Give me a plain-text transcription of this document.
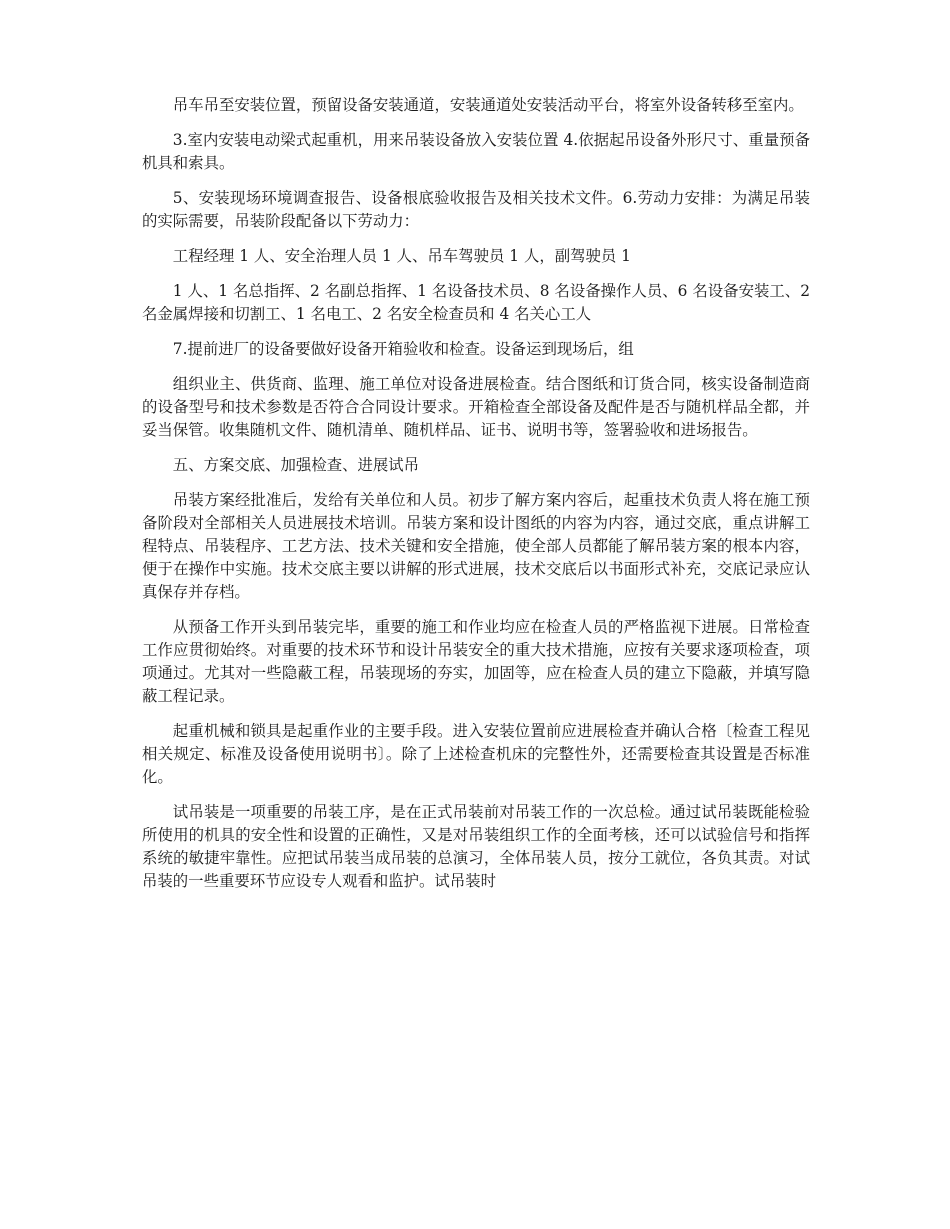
吊车吊至安装位置，预留设备安装通道，安装通道处安装活动平台，将室外设备转移至室内。

3.室内安装电动梁式起重机，用来吊装设备放入安装位置 4.依据起吊设备外形尺寸、重量预备机具和索具。

5、安装现场环境调查报告、设备根底验收报告及相关技术文件。6.劳动力安排：为满足吊装的实际需要，吊装阶段配备以下劳动力：

工程经理 1 人、安全治理人员 1 人、吊车驾驶员 1 人，副驾驶员 1

1 人、1 名总指挥、2 名副总指挥、1 名设备技术员、8 名设备操作人员、6 名设备安装工、2 名金属焊接和切割工、1 名电工、2 名安全检查员和 4 名关心工人

7.提前进厂的设备要做好设备开箱验收和检查。设备运到现场后，组

组织业主、供货商、监理、施工单位对设备进展检查。结合图纸和订货合同，核实设备制造商的设备型号和技术参数是否符合合同设计要求。开箱检查全部设备及配件是否与随机样品全都，并妥当保管。收集随机文件、随机清单、随机样品、证书、说明书等，签署验收和进场报告。

五、方案交底、加强检查、进展试吊

吊装方案经批准后，发给有关单位和人员。初步了解方案内容后，起重技术负责人将在施工预备阶段对全部相关人员进展技术培训。吊装方案和设计图纸的内容为内容，通过交底，重点讲解工程特点、吊装程序、工艺方法、技术关键和安全措施，使全部人员都能了解吊装方案的根本内容，便于在操作中实施。技术交底主要以讲解的形式进展，技术交底后以书面形式补充，交底记录应认真保存并存档。

从预备工作开头到吊装完毕，重要的施工和作业均应在检查人员的严格监视下进展。日常检查工作应贯彻始终。对重要的技术环节和设计吊装安全的重大技术措施，应按有关要求逐项检查，项项通过。尤其对一些隐蔽工程，吊装现场的夯实，加固等，应在检查人员的建立下隐蔽，并填写隐蔽工程记录。

起重机械和锁具是起重作业的主要手段。进入安装位置前应进展检查并确认合格〔检查工程见相关规定、标准及设备使用说明书〕。除了上述检查机床的完整性外，还需要检查其设置是否标准化。

试吊装是一项重要的吊装工序，是在正式吊装前对吊装工作的一次总检。通过试吊装既能检验所使用的机具的安全性和设置的正确性，又是对吊装组织工作的全面考核，还可以试验信号和指挥系统的敏捷牢靠性。应把试吊装当成吊装的总演习，全体吊装人员，按分工就位，各负其责。对试吊装的一些重要环节应设专人观看和监护。试吊装时
